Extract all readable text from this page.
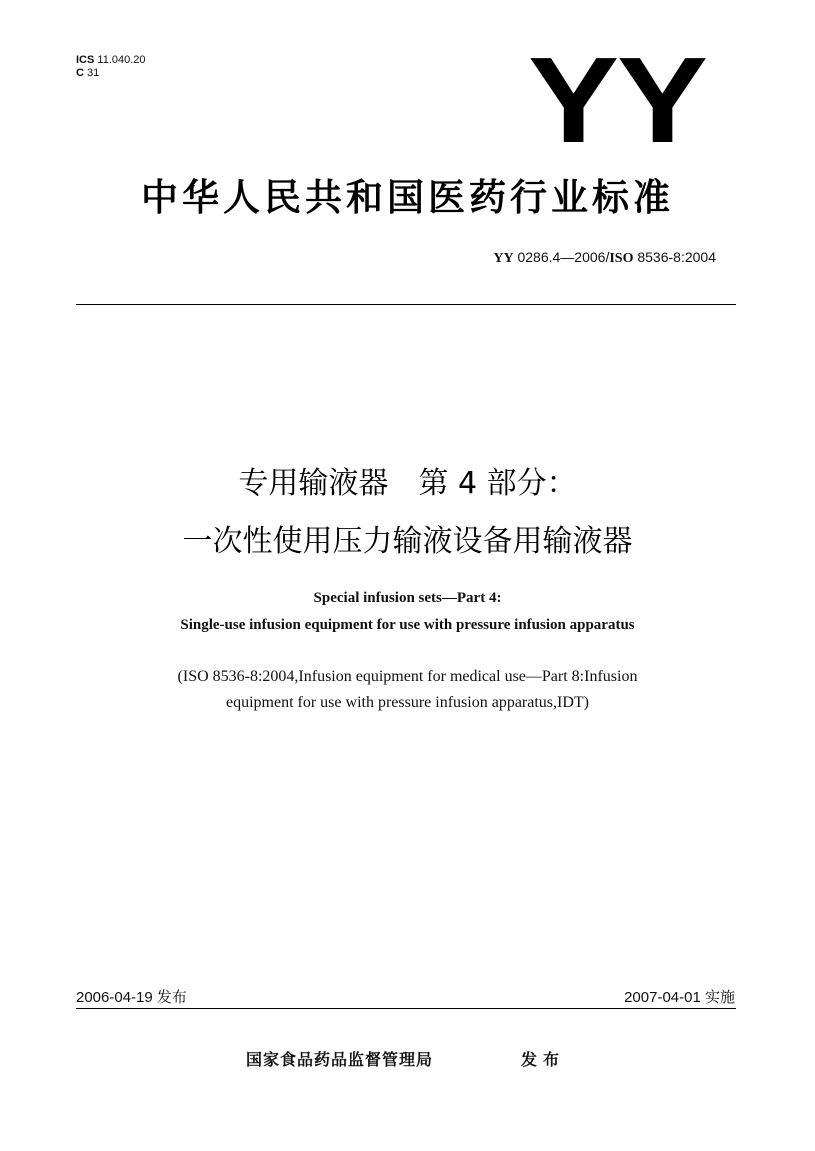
ICS 11.040.20
C 31	YY
中华人民共和国医药行业标准
YY 0286.4—2006/ISO 8536-8:2004
专用输液器　第 4 部分：
一次性使用压力输液设备用输液器
Special infusion sets—Part 4:
Single-use infusion equipment for use with pressure infusion apparatus
(ISO 8536-8:2004,Infusion equipment for medical use—Part 8:Infusion
equipment for use with pressure infusion apparatus,IDT)
2006-04-19 发布	2007-04-01 实施
国家食品药品监督管理局	发布
